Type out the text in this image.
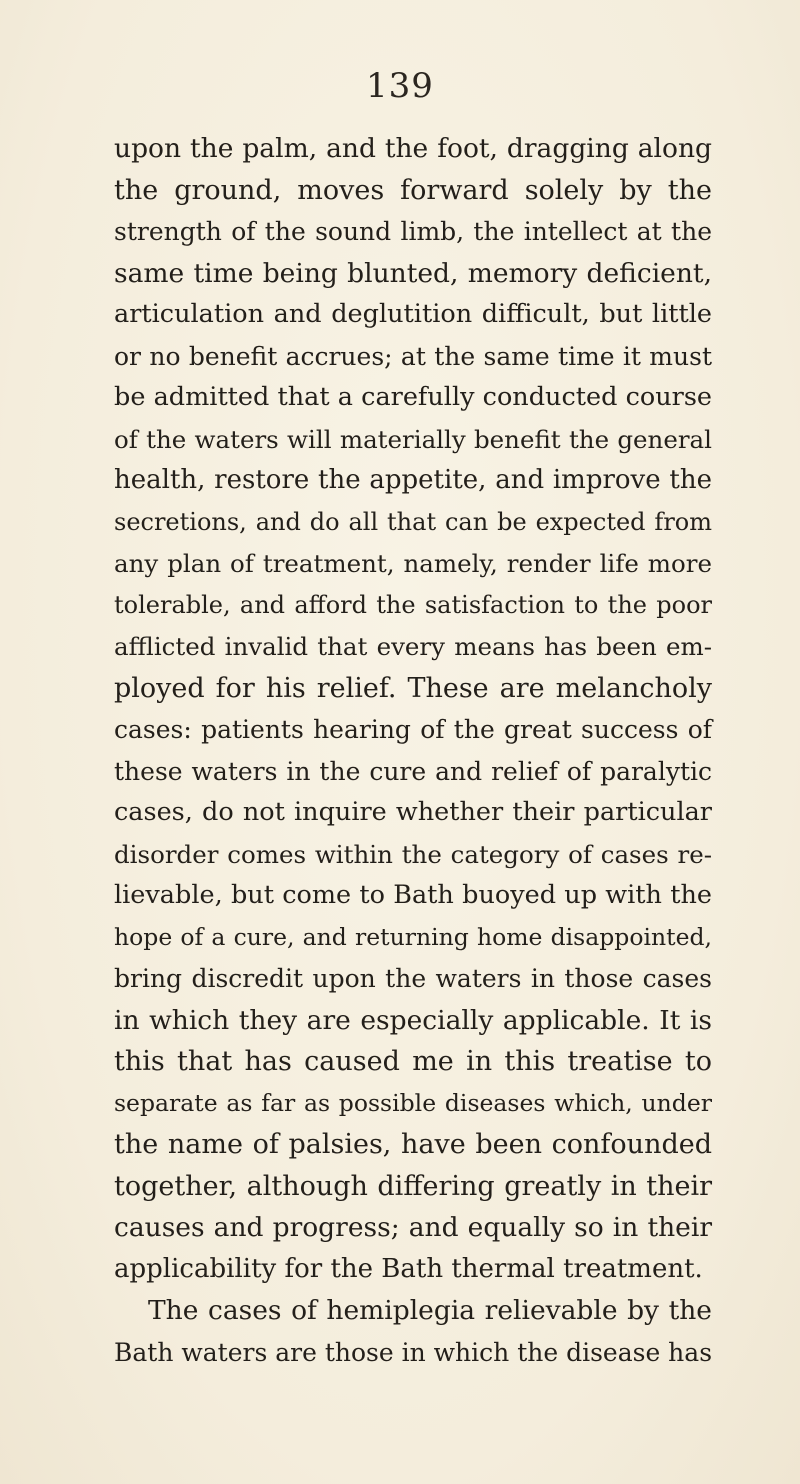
139
upon the palm, and the foot, dragging along
the ground, moves forward solely by the
strength of the sound limb, the intellect at the
same time being blunted, memory deficient,
articulation and deglutition difficult, but little
or no benefit accrues; at the same time it must
be admitted that a carefully conducted course
of the waters will materially benefit the general
health, restore the appetite, and improve the
secretions, and do all that can be expected from
any plan of treatment, namely, render life more
tolerable, and afford the satisfaction to the poor
afflicted invalid that every means has been em-
ployed for his relief. These are melancholy
cases: patients hearing of the great success of
these waters in the cure and relief of paralytic
cases, do not inquire whether their particular
disorder comes within the category of cases re-
lievable, but come to Bath buoyed up with the
hope of a cure, and returning home disappointed,
bring discredit upon the waters in those cases
in which they are especially applicable. It is
this that has caused me in this treatise to
separate as far as possible diseases which, under
the name of palsies, have been confounded
together, although differing greatly in their
causes and progress; and equally so in their
applicability for the Bath thermal treatment.
The cases of hemiplegia relievable by the
Bath waters are those in which the disease has
